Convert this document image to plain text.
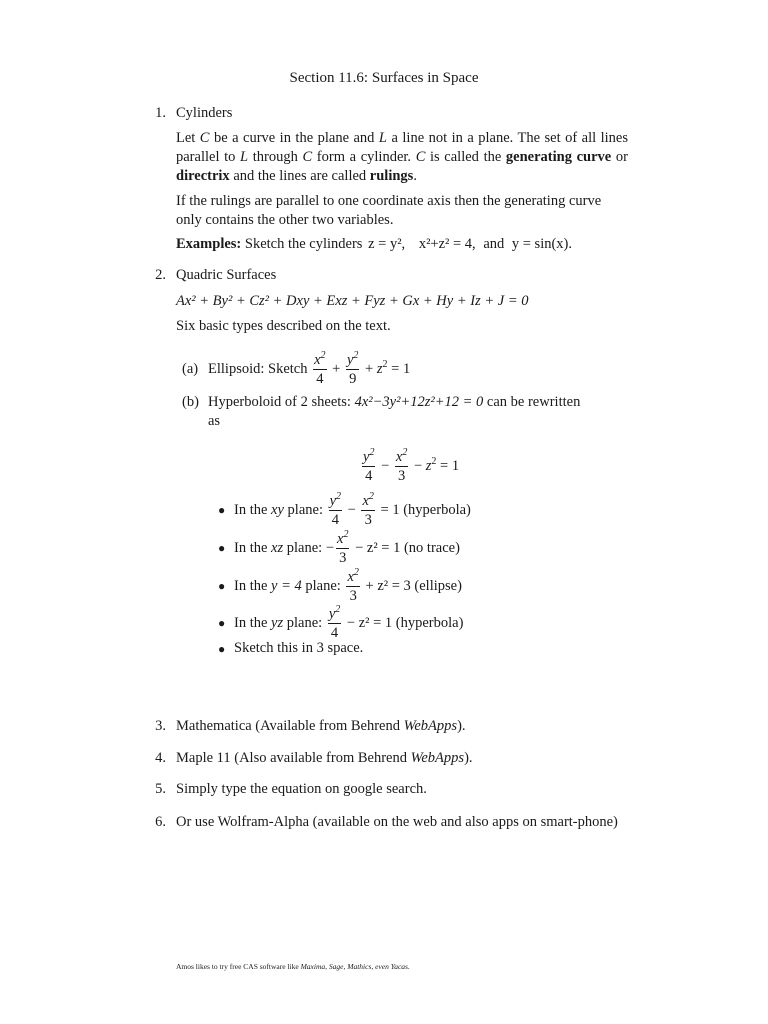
Section 11.6: Surfaces in Space
1. Cylinders
Let C be a curve in the plane and L a line not in a plane. The set of all lines parallel to L through C form a cylinder. C is called the generating curve or directrix and the lines are called rulings.
If the rulings are parallel to one coordinate axis then the generating curve only contains the other two variables.
Examples: Sketch the cylinders z = y², x²+z² = 4, and y = sin(x).
2. Quadric Surfaces
Ax² + By² + Cz² + Dxy + Exz + Fyz + Gx + Hy + Iz + J = 0
Six basic types described on the text.
(a) Ellipsoid: Sketch $\frac{x^2}{4} + \frac{y^2}{9} + z^2 = 1$
(b) Hyperboloid of 2 sheets: 4x²−3y²+12z²+12 = 0 can be rewritten
as
$\frac{y^2}{4} - \frac{x^2}{3} - z^2 = 1$
● In the xy plane: $\frac{y^2}{4} - \frac{x^2}{3} = 1$ (hyperbola)
● In the xz plane: − $\frac{x^2}{3} - z^2 = 1$ (no trace)
● In the y = 4 plane: $\frac{x^2}{3} + z^2 = 3$ (ellipse)
● In the yz plane: $\frac{y^2}{4} - z^2 = 1$ (hyperbola)
● Sketch this in 3 space.
3. Mathematica (Available from Behrend WebApps).
4. Maple 11 (Also available from Behrend WebApps).
5. Simply type the equation on google search.
6. Or use Wolfram-Alpha (available on the web and also apps on smart-phone)
Amos likes to try free CAS software like Maxima, Sage, Mathics, even Yacas.
